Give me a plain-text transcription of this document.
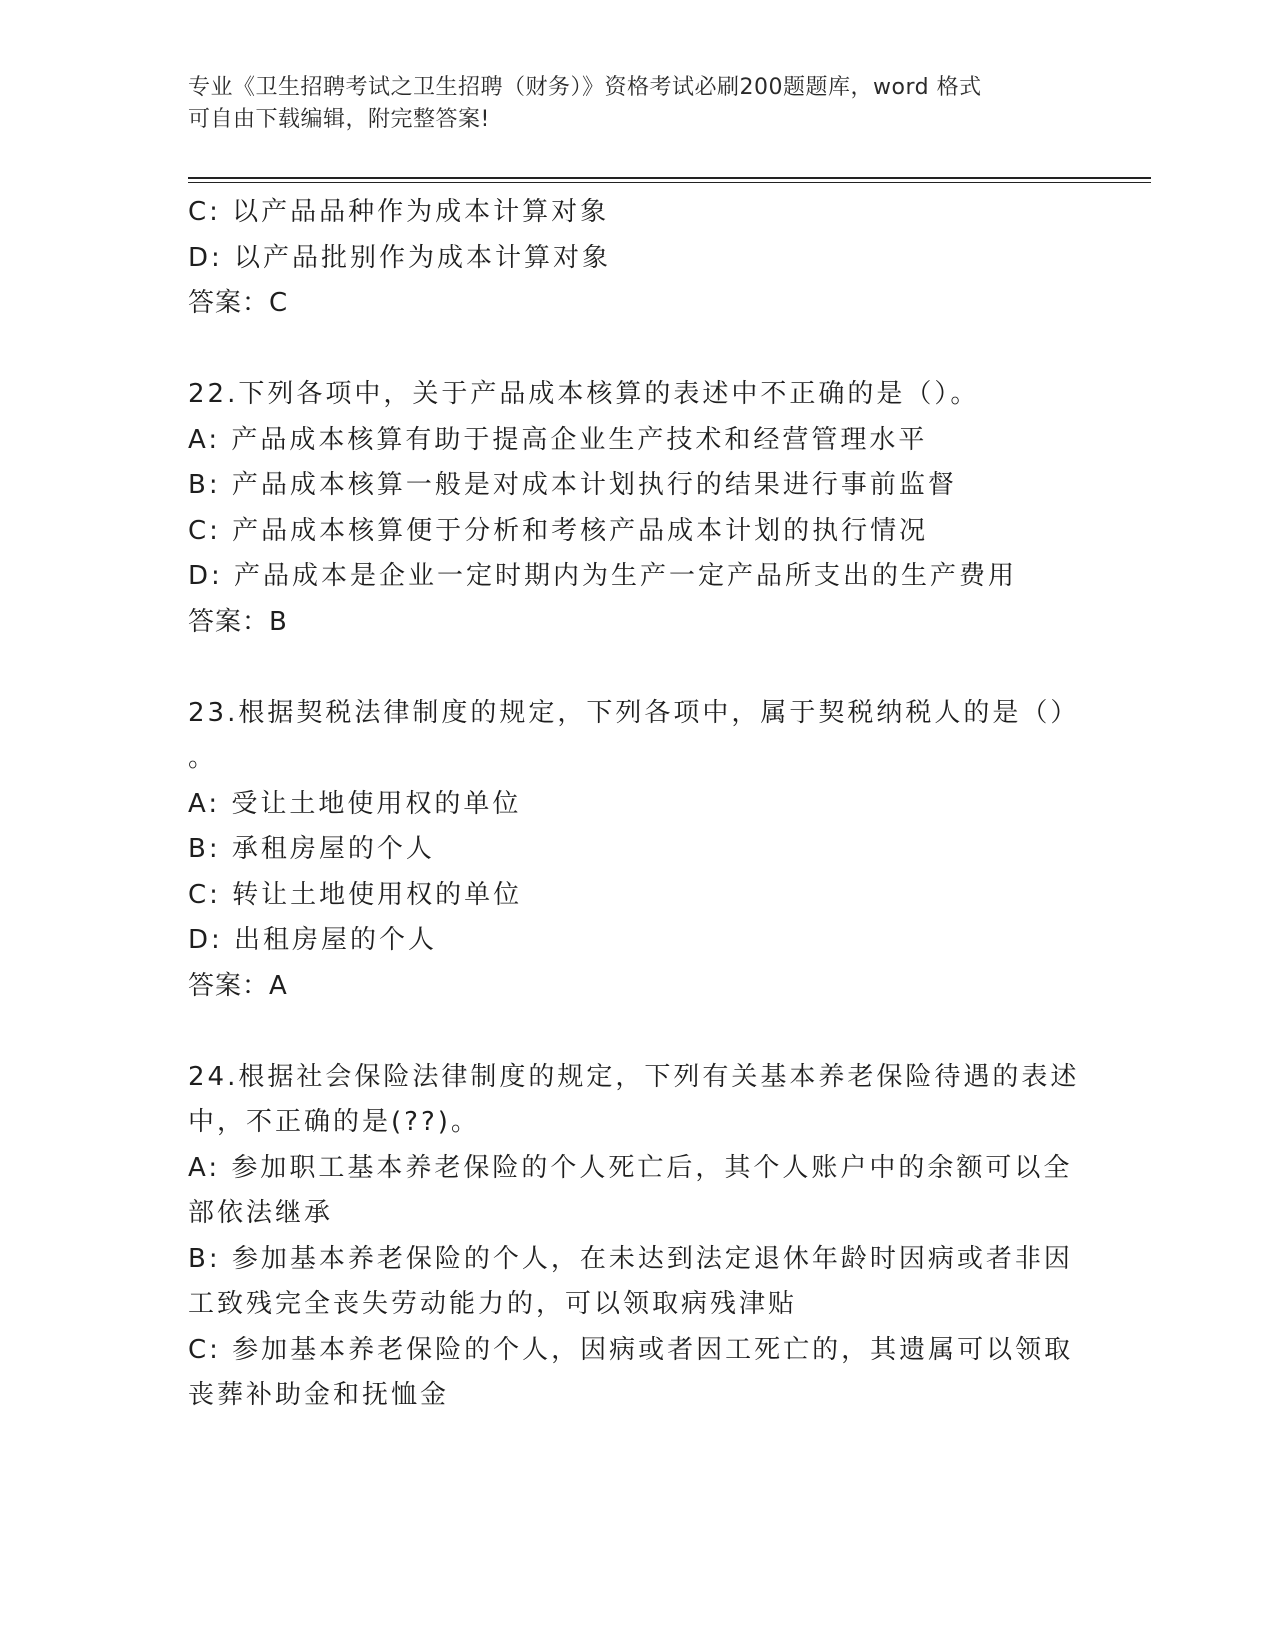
专业《卫生招聘考试之卫生招聘（财务）》资格考试必刷200题题库，word 格式
可自由下载编辑，附完整答案!
C: 以产品品种作为成本计算对象
D: 以产品批别作为成本计算对象
答案：C
22.下列各项中，关于产品成本核算的表述中不正确的是（）。
A: 产品成本核算有助于提高企业生产技术和经营管理水平
B: 产品成本核算一般是对成本计划执行的结果进行事前监督
C: 产品成本核算便于分析和考核产品成本计划的执行情况
D: 产品成本是企业一定时期内为生产一定产品所支出的生产费用
答案：B
23.根据契税法律制度的规定，下列各项中，属于契税纳税人的是（）
。
A: 受让土地使用权的单位
B: 承租房屋的个人
C: 转让土地使用权的单位
D: 出租房屋的个人
答案：A
24.根据社会保险法律制度的规定，下列有关基本养老保险待遇的表述
中，不正确的是(??)。
A: 参加职工基本养老保险的个人死亡后，其个人账户中的余额可以全
部依法继承
B: 参加基本养老保险的个人，在未达到法定退休年龄时因病或者非因
工致残完全丧失劳动能力的，可以领取病残津贴
C: 参加基本养老保险的个人，因病或者因工死亡的，其遗属可以领取
丧葬补助金和抚恤金
